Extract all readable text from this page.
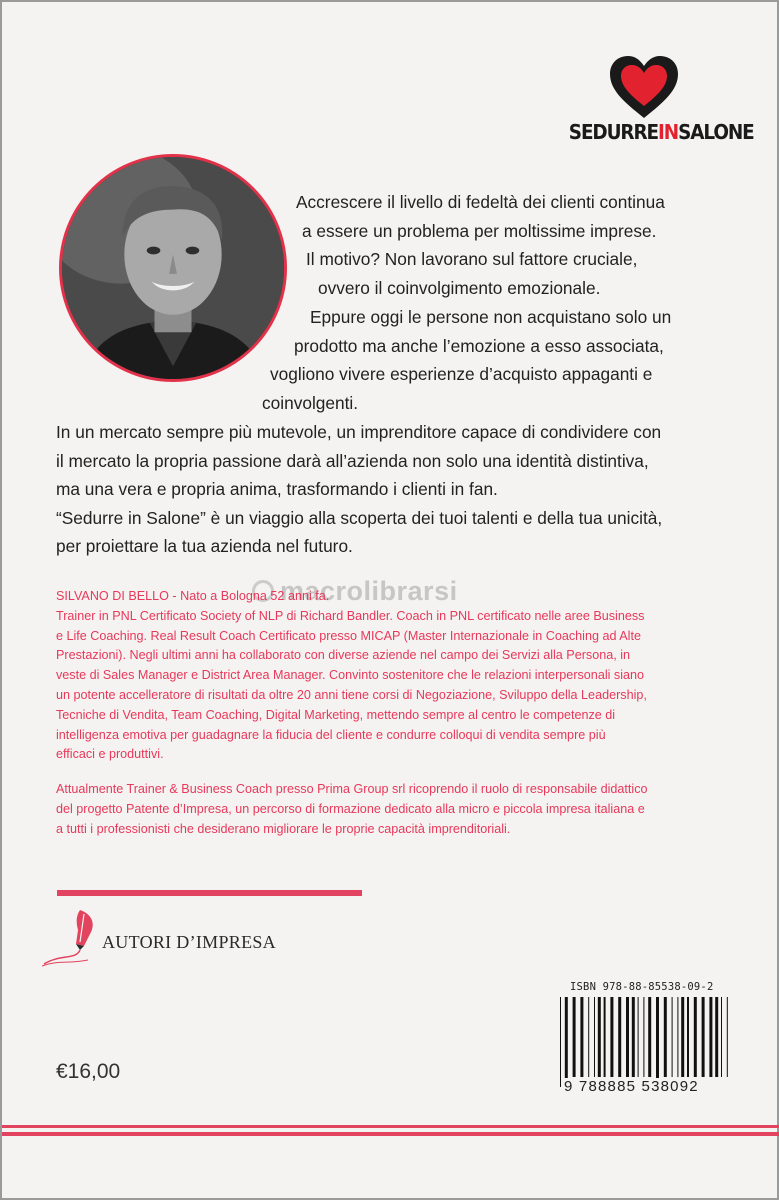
SEDURREINSALONE
Accrescere il livello di fedeltà dei clienti continua
a essere un problema per moltissime imprese.
Il motivo? Non lavorano sul fattore cruciale,
ovvero il coinvolgimento emozionale.
Eppure oggi le persone non acquistano solo un
prodotto ma anche l’emozione a esso associata,
vogliono vivere esperienze d’acquisto appaganti e
coinvolgenti.
In un mercato sempre più mutevole, un imprenditore capace di condividere con
il mercato la propria passione darà all’azienda non solo una identità distintiva,
ma una vera e propria anima, trasformando i clienti in fan.
“Sedurre in Salone” è un viaggio alla scoperta dei tuoi talenti e della tua unicità,
per proiettare la tua azienda nel futuro.
macrolibrarsi
SILVANO DI BELLO - Nato a Bologna 52 anni fa.
Trainer in PNL Certificato Society of NLP di Richard Bandler. Coach in PNL certificato nelle aree Business
e Life Coaching. Real Result Coach Certificato presso MICAP (Master Internazionale in Coaching ad Alte
Prestazioni). Negli ultimi anni ha collaborato con diverse aziende nel campo dei Servizi alla Persona, in
veste di Sales Manager e District Area Manager. Convinto sostenitore che le relazioni interpersonali siano
un potente accelleratore di risultati da oltre 20 anni tiene corsi di Negoziazione, Sviluppo della Leadership,
Tecniche di Vendita, Team Coaching, Digital Marketing, mettendo sempre al centro le competenze di
intelligenza emotiva per guadagnare la fiducia del cliente e condurre colloqui di vendita sempre più
efficaci e produttivi.
Attualmente Trainer & Business Coach presso Prima Group srl ricoprendo il ruolo di responsabile didattico
del progetto Patente d’Impresa, un percorso di formazione dedicato alla micro e piccola impresa italiana e
a tutti i professionisti che desiderano migliorare le proprie capacità imprenditoriali.
AUTORI D’IMPRESA
ISBN 978-88-85538-09-2
9 788885 538092
€16,00
